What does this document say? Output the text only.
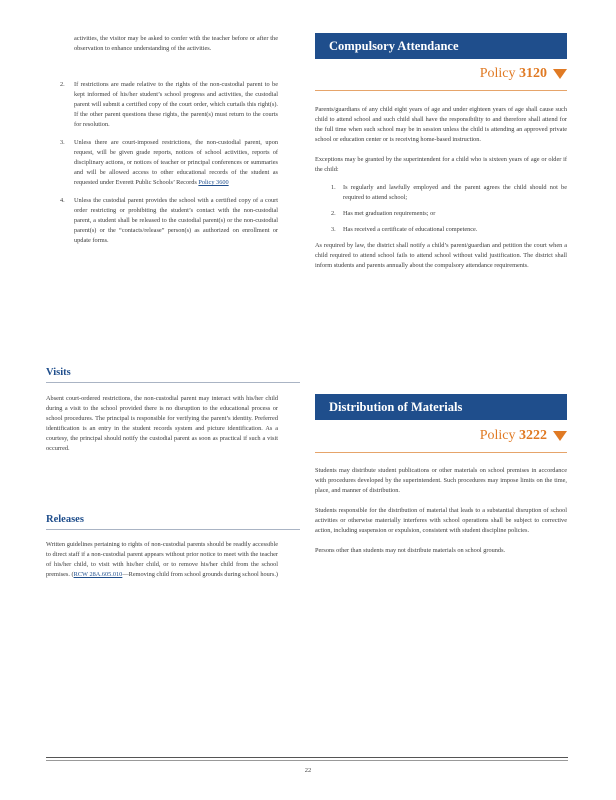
activities, the visitor may be asked to confer with the teacher before or after the observation to enhance understanding of the activities.

2. If restrictions are made relative to the rights of the non-custodial parent to be kept informed of his/her student’s school progress and activities, the custodial parent will submit a certified copy of the court order, which curtails this right(s). If the other parent questions these rights, the parent(s) must return to the courts for resolution.
3. Unless there are court-imposed restrictions, the non-custodial parent, upon request, will be given grade reports, notices of school activities, reports of disciplinary actions, or notices of teacher or principal conferences or summaries and will be allowed access to other educational records of the student as requested under Everett Public Schools’ Records Policy 3600
4. Unless the custodial parent provides the school with a certified copy of a court order restricting or prohibiting the student’s contact with the non-custodial parent, a student shall be released to the custodial parent(s) or the non-custodial parent(s) or the “contacts/release” person(s) as authorized on enrollment or update forms.
Visits

Absent court-ordered restrictions, the non-custodial parent may interact with his/her child during a visit to the school provided there is no disruption to the educational process or school procedures. The principal is responsible for verifying the parent’s identity. Preferred identification is an entry in the student records system and picture identification. As a courtesy, the principal should notify the custodial parent as soon as practical if such a visit occurred.

Releases

Written guidelines pertaining to rights of non-custodial parents should be readily accessible to direct staff if a non-custodial parent appears without prior notice to meet with the teacher of his/her child, to visit with his/her child, or to remove his/her child from the school premises. (RCW 28A.605.010—Removing child from school grounds during school hours.)

Compulsory Attendance
Policy 3120

Parents/guardians of any child eight years of age and under eighteen years of age shall cause such child to attend school and such child shall have the responsibility to and therefore shall attend for the full time when such school may be in session unless the child is attending an approved private school or education center or is receiving home-based instruction.

Exceptions may be granted by the superintendent for a child who is sixteen years of age or older if the child:

1. Is regularly and lawfully employed and the parent agrees the child should not be required to attend school;
2. Has met graduation requirements; or
3. Has received a certificate of educational competence.

As required by law, the district shall notify a child’s parent/guardian and petition the court when a child required to attend school fails to attend school without valid justification. The district shall inform students and parents annually about the compulsory attendance requirements.

Distribution of Materials
Policy 3222

Students may distribute student publications or other materials on school premises in accordance with procedures developed by the superintendent. Such procedures may impose limits on the time, place, and manner of distribution.

Students responsible for the distribution of material that leads to a substantial disruption of school activities or otherwise materially interferes with school operations shall be subject to corrective action, including suspension or expulsion, consistent with student discipline policies.

Persons other than students may not distribute materials on school grounds.

22
